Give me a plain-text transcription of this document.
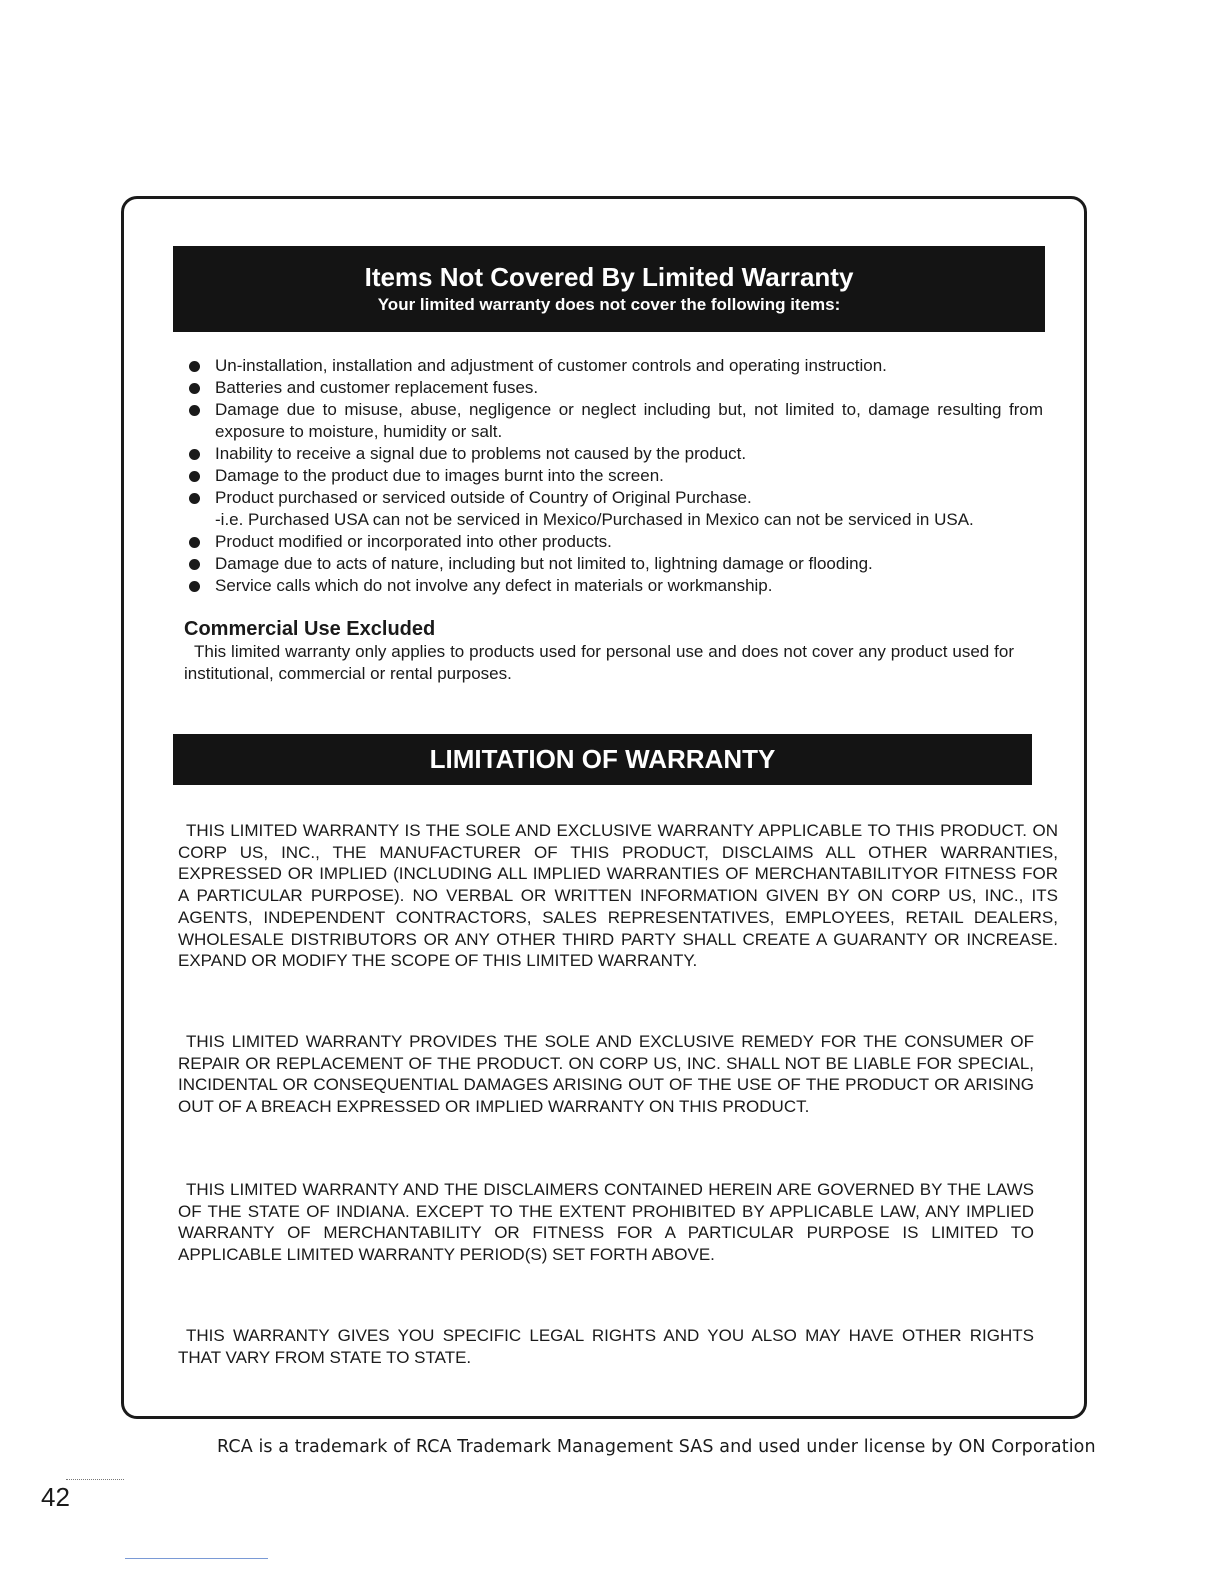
Items Not Covered By Limited Warranty
Your limited warranty does not cover the following items:
Un-installation, installation and adjustment of customer controls and operating instruction.
Batteries and customer replacement fuses.
Damage due to misuse, abuse, negligence or neglect including but, not limited to, damage resulting from exposure to moisture, humidity or salt.
Inability to receive a signal due to problems not caused by the product.
Damage to the product due to images burnt into the screen.
Product purchased or serviced outside of Country of Original Purchase.
-i.e. Purchased USA can not be serviced in Mexico/Purchased in Mexico can not be serviced in USA.
Product modified or incorporated into other products.
Damage due to acts of nature, including but not limited to, lightning damage or flooding.
Service calls which do not involve any defect in materials or workmanship.
Commercial Use Excluded
This limited warranty only applies to products used for personal use and does not cover any product used for institutional, commercial or rental purposes.
LIMITATION OF WARRANTY
THIS LIMITED WARRANTY IS THE SOLE AND EXCLUSIVE WARRANTY APPLICABLE TO THIS PRODUCT. ON CORP US, INC., THE MANUFACTURER OF THIS PRODUCT, DISCLAIMS ALL OTHER WARRANTIES, EXPRESSED OR IMPLIED (INCLUDING ALL IMPLIED WARRANTIES OF MERCHANTABILITYOR FITNESS FOR A PARTICULAR PURPOSE). NO VERBAL OR WRITTEN INFORMATION GIVEN BY ON CORP US, INC., ITS AGENTS, INDEPENDENT CONTRACTORS, SALES REPRESENTATIVES, EMPLOYEES, RETAIL DEALERS, WHOLESALE DISTRIBUTORS OR ANY OTHER THIRD PARTY SHALL CREATE A GUARANTY OR INCREASE. EXPAND OR MODIFY THE SCOPE OF THIS LIMITED WARRANTY.
THIS LIMITED WARRANTY PROVIDES THE SOLE AND EXCLUSIVE REMEDY FOR THE CONSUMER OF REPAIR OR REPLACEMENT OF THE PRODUCT. ON CORP US, INC. SHALL NOT BE LIABLE FOR SPECIAL, INCIDENTAL OR CONSEQUENTIAL DAMAGES ARISING OUT OF THE USE OF THE PRODUCT OR ARISING OUT OF A BREACH EXPRESSED OR IMPLIED WARRANTY ON THIS PRODUCT.
THIS LIMITED WARRANTY AND THE DISCLAIMERS CONTAINED HEREIN ARE GOVERNED BY THE LAWS OF THE STATE OF INDIANA. EXCEPT TO THE EXTENT PROHIBITED BY APPLICABLE LAW, ANY IMPLIED WARRANTY OF MERCHANTABILITY OR FITNESS FOR A PARTICULAR PURPOSE IS LIMITED TO APPLICABLE LIMITED WARRANTY PERIOD(S) SET FORTH ABOVE.
THIS WARRANTY GIVES YOU SPECIFIC LEGAL RIGHTS AND YOU ALSO MAY HAVE OTHER RIGHTS THAT VARY FROM STATE TO STATE.
RCA is a trademark of RCA Trademark Management SAS and used under license by ON Corporation
42
